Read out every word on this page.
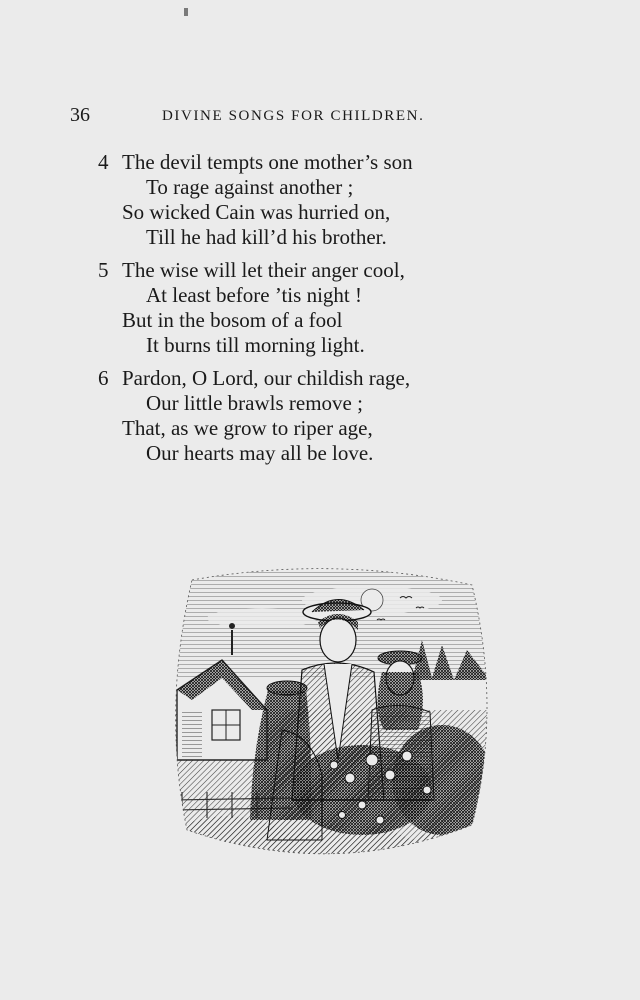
36	DIVINE SONGS FOR CHILDREN.
4 The devil tempts one mother’s son
To rage against another ;
So wicked Cain was hurried on,
Till he had kill’d his brother.
5 The wise will let their anger cool,
At least before ’tis night !
But in the bosom of a fool
It burns till morning light.
6 Pardon, O Lord, our childish rage,
Our little brawls remove ;
That, as we grow to riper age,
Our hearts may all be love.
